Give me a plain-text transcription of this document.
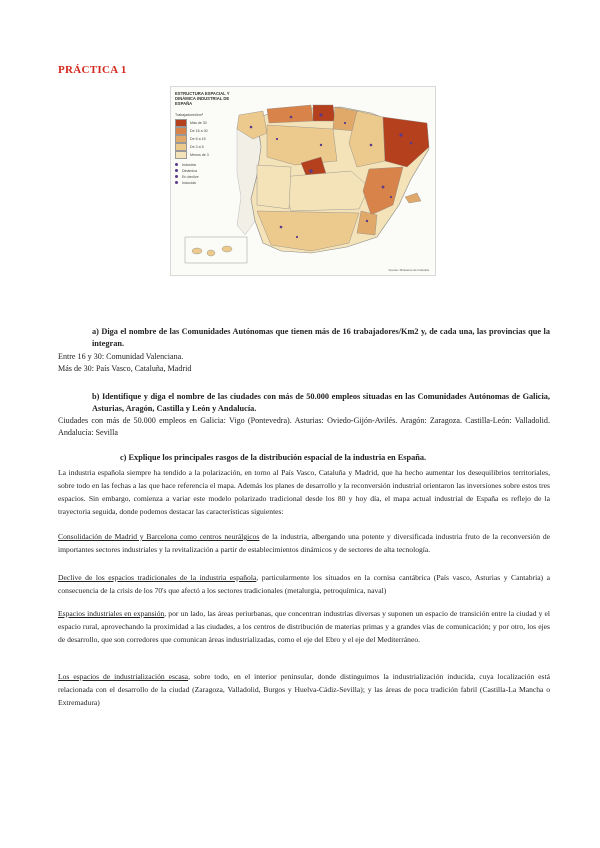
PRÁCTICA 1
ESTRUCTURA ESPACIAL Y DINÁMICA INDUSTRIAL DE ESPAÑA
Trabajadores/km²
Más de 30
De 16 a 30
De 6 a 15
De 3 a 5
Menos de 3
Industria
Dinámica
En declive
Inducida
Fuente: Ministerio de Industria
a) Diga el nombre de las Comunidades Autónomas que tienen más de 16 trabajadores/Km2 y, de cada una, las provincias que la integran.
Entre 16 y 30: Comunidad Valenciana.
Más de 30: País Vasco, Cataluña, Madrid
b) Identifique y diga el nombre de las ciudades con más de 50.000 empleos situadas en las Comunidades Autónomas de Galicia, Asturias, Aragón, Castilla y León y Andalucía.
Ciudades con más de 50.000 empleos en Galicia: Vigo (Pontevedra). Asturias: Oviedo-Gijón-Avilés. Aragón: Zaragoza. Castilla-León: Valladolid. Andalucía: Sevilla
c) Explique los principales rasgos de la distribución espacial de la industria en España.
La industria española siempre ha tendido a la polarización, en torno al País Vasco, Cataluña y Madrid, que ha hecho aumentar los desequilibrios territoriales, sobre todo en las fechas a las que hace referencia el mapa. Además los planes de desarrollo y la reconversión industrial orientaron las inversiones sobre estos tres espacios. Sin embargo, comienza a variar este modelo polarizado tradicional desde los 80 y hoy día, el mapa actual industrial de España es reflejo de la trayectoria seguida, donde podemos destacar las características siguientes:
Consolidación de Madrid y Barcelona como centros neurálgicos de la industria, albergando una potente y diversificada industria fruto de la reconversión de importantes sectores industriales y la revitalización a partir de establecimientos dinámicos y de sectores de alta tecnología.
Declive de los espacios tradicionales de la industria española, particularmente los situados en la cornisa cantábrica (País vasco, Asturias y Cantabria) a consecuencia de la crisis de los 70's que afectó a los sectores tradicionales (metalurgia, petroquímica, naval)
Espacios industriales en expansión, por un lado, las áreas periurbanas, que concentran industrias diversas y suponen un espacio de transición entre la ciudad y el espacio rural, aprovechando la proximidad a las ciudades, a los centros de distribución de materias primas y a grandes vías de comunicación; y por otro, los ejes de desarrollo, que son corredores que comunican áreas industrializadas, como el eje del Ebro y el eje del Mediterráneo.
Los espacios de industrialización escasa, sobre todo, en el interior peninsular, donde distinguimos la industrialización inducida, cuya localización está relacionada con el desarrollo de la ciudad (Zaragoza, Valladolid, Burgos y Huelva-Cádiz-Sevilla); y las áreas de poca tradición fabril (Castilla-La Mancha o Extremadura)
